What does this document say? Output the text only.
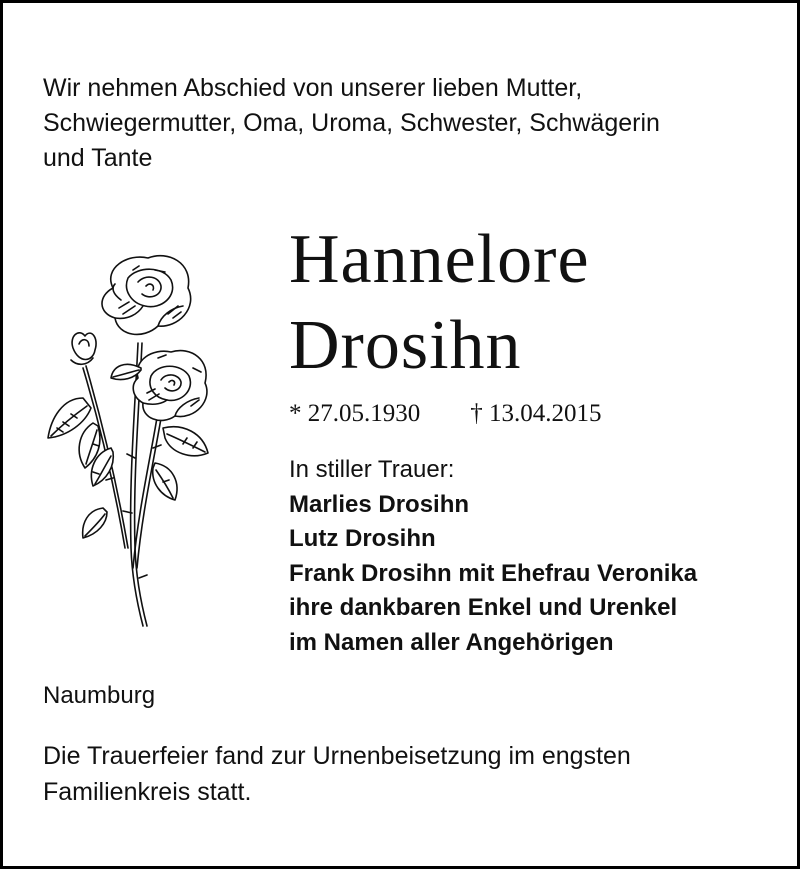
Wir nehmen Abschied von unserer lieben Mutter,
Schwiegermutter, Oma, Uroma, Schwester, Schwägerin
und Tante
Hannelore
Drosihn
* 27.05.1930 † 13.04.2015
In stiller Trauer:
Marlies Drosihn
Lutz Drosihn
Frank Drosihn mit Ehefrau Veronika
ihre dankbaren Enkel und Urenkel
im Namen aller Angehörigen
Naumburg
Die Trauerfeier fand zur Urnenbeisetzung im engsten
Familienkreis statt.
